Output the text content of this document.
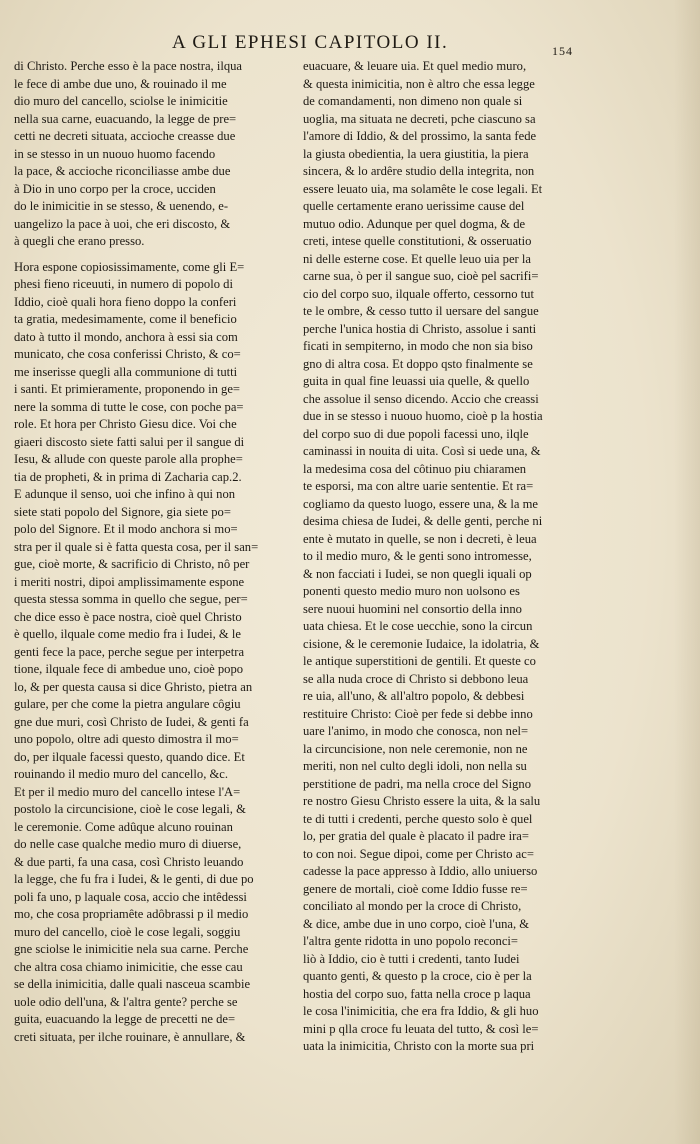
A GLI EPHESI CAPITOLO II.	154
di Christo. Perche esso è la pace nostra, ilqua
le fece di ambe due uno, & rouinado il me
dio muro del cancello, sciolse le inimicitie
nella sua carne, euacuando, la legge de pre=
cetti ne decreti situata, accioche creasse due
in se stesso in un nuouo huomo facendo
la pace, & accioche riconciliasse ambe due
à Dio in uno corpo per la croce, ucciden
do le inimicitie in se stesso, & uenendo, e-
uangelizo la pace à uoi, che eri discosto, &
à quegli che erano presso.
Hora espone copiosissimamente, come gli E=
phesi fieno riceuuti, in numero di popolo di
Iddio, cioè quali hora fieno doppo la conferi
ta gratia, medesimamente, come il beneficio
dato à tutto il mondo, anchora à essi sia com
municato, che cosa conferissi Christo, & co=
me inserisse quegli alla communione di tutti
i santi. Et primieramente, proponendo in ge=
nere la somma di tutte le cose, con poche pa=
role. Et hora per Christo Giesu dice. Voi che
giaeri discosto siete fatti salui per il sangue di
Iesu, & allude con queste parole alla prophe=
tia de propheti, & in prima di Zacharia cap.2.
E adunque il senso, uoi che infino à qui non
siete stati popolo del Signore, gia siete po=
polo del Signore. Et il modo anchora si mo=
stra per il quale si è fatta questa cosa, per il san=
gue, cioè morte, & sacrificio di Christo, nô per
i meriti nostri, dipoi amplissimamente espone
questa stessa somma in quello che segue, per=
che dice esso è pace nostra, cioè quel Christo
è quello, ilquale come medio fra i Iudei, & le
genti fece la pace, perche segue per interpetra
tione, ilquale fece di ambedue uno, cioè popo
lo, & per questa causa si dice Ghristo, pietra an
gulare, per che come la pietra angulare côgiu
gne due muri, così Christo de Iudei, & genti fa
uno popolo, oltre adi questo dimostra il mo=
do, per ilquale facessi questo, quando dice. Et
rouinando il medio muro del cancello, &c.
Et per il medio muro del cancello intese l'A=
postolo la circuncisione, cioè le cose legali, &
le ceremonie. Come adûque alcuno rouinan
do nelle case qualche medio muro di diuerse,
& due parti, fa una casa, così Christo leuando
la legge, che fu fra i Iudei, & le genti, di due po
poli fa uno, p laquale cosa, accio che intêdessi
mo, che cosa propriamête adôbrassi p il medio
muro del cancello, cioè le cose legali, soggiu
gne sciolse le inimicitie nela sua carne. Perche
che altra cosa chiamo inimicitie, che esse cau
se della inimicitia, dalle quali nasceua scambie
uole odio dell'una, & l'altra gente? perche se
guita, euacuando la legge de precetti ne de=
creti situata, per ilche rouinare, è annullare, &
euacuare, & leuare uia. Et quel medio muro,
& questa inimicitia, non è altro che essa legge
de comandamenti, non dimeno non quale si
uoglia, ma situata ne decreti, pche ciascuno sa
l'amore di Iddio, & del prossimo, la santa fede
la giusta obedientia, la uera giustitia, la piera
sincera, & lo ardêre studio della integrita, non
essere leuato uia, ma solamête le cose legali. Et
quelle certamente erano uerissime cause del
mutuo odio. Adunque per quel dogma, & de
creti, intese quelle constitutioni, & osseruatio
ni delle esterne cose. Et quelle leuo uia per la
carne sua, ò per il sangue suo, cioè pel sacrifi=
cio del corpo suo, ilquale offerto, cessorno tut
te le ombre, & cesso tutto il uersare del sangue
perche l'unica hostia di Christo, assolue i santi
ficati in sempiterno, in modo che non sia biso
gno di altra cosa. Et doppo qsto finalmente se
guita in qual fine leuassi uia quelle, & quello
che assolue il senso dicendo. Accio che creassi
due in se stesso i nuouo huomo, cioè p la hostia
del corpo suo di due popoli facessi uno, ilqle
caminassi in nouita di uita. Così si uede una, &
la medesima cosa del côtinuo piu chiaramen
te esporsi, ma con altre uarie sententie. Et ra=
cogliamo da questo luogo, essere una, & la me
desima chiesa de Iudei, & delle genti, perche ni
ente è mutato in quelle, se non i decreti, è leua
to il medio muro, & le genti sono intromesse,
& non facciati i Iudei, se non quegli iquali op
ponenti questo medio muro non uolsono es
sere nuoui huomini nel consortio della inno
uata chiesa. Et le cose uecchie, sono la circun
cisione, & le ceremonie Iudaice, la idolatria, &
le antique superstitioni de gentili. Et queste co
se alla nuda croce di Christo si debbono leua
re uia, all'uno, & all'altro popolo, & debbesi
restituire Christo: Cioè per fede si debbe inno
uare l'animo, in modo che conosca, non nel=
la circuncisione, non nele ceremonie, non ne
meriti, non nel culto degli idoli, non nella su
perstitione de padri, ma nella croce del Signo
re nostro Giesu Christo essere la uita, & la salu
te di tutti i credenti, perche questo solo è quel
lo, per gratia del quale è placato il padre ira=
to con noi. Segue dipoi, come per Christo ac=
cadesse la pace appresso à Iddio, allo uniuerso
genere de mortali, cioè come Iddio fusse re=
conciliato al mondo per la croce di Christo,
& dice, ambe due in uno corpo, cioè l'una, &
l'altra gente ridotta in uno popolo reconci=
liò à Iddio, cio è tutti i credenti, tanto Iudei
quanto genti, & questo p la croce, cio è per la
hostia del corpo suo, fatta nella croce p laqua
le cosa l'inimicitia, che era fra Iddio, & gli huo
mini p qlla croce fu leuata del tutto, & così le=
uata la inimicitia, Christo con la morte sua pri
